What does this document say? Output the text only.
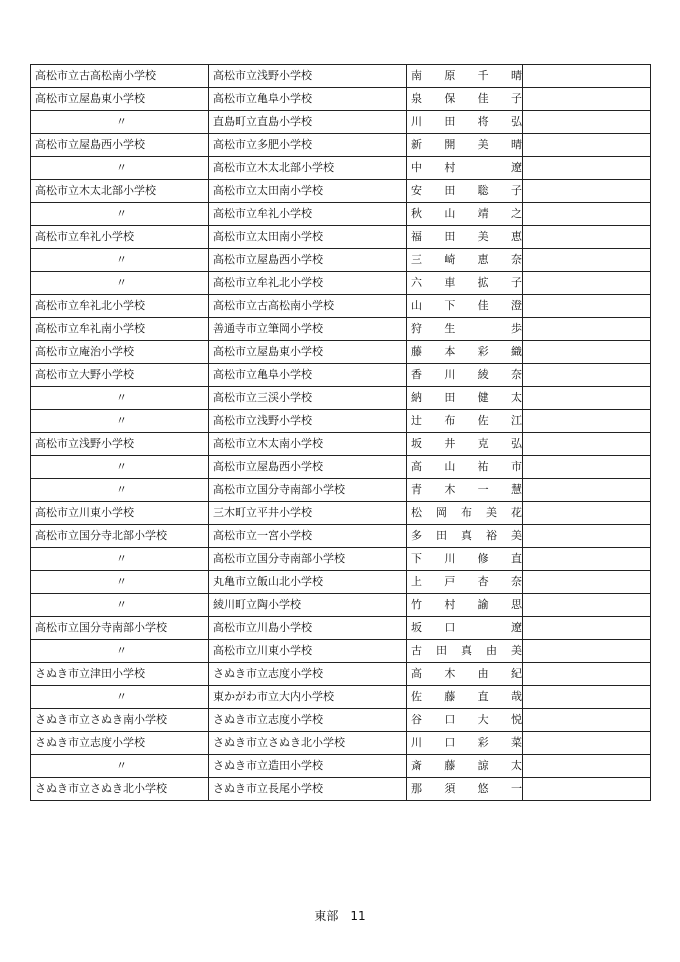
高松市立古高松南小学校	高松市立浅野小学校	南 原 千 晴	

高松市立屋島東小学校	高松市立亀阜小学校	泉 保 佳 子	

〃	直島町立直島小学校	川 田 将 弘	

高松市立屋島西小学校	高松市立多肥小学校	新 開 美 晴	

〃	高松市立木太北部小学校	中 村 遼	

高松市立木太北部小学校	高松市立太田南小学校	安 田 聡 子	

〃	高松市立牟礼小学校	秋 山 靖 之	

高松市立牟礼小学校	高松市立太田南小学校	福 田 美 恵	

〃	高松市立屋島西小学校	三 崎 恵 奈	

〃	高松市立牟礼北小学校	六 車 拡 子	

高松市立牟礼北小学校	高松市立古高松南小学校	山 下 佳 澄	

高松市立牟礼南小学校	善通寺市立筆岡小学校	狩 生 歩	

高松市立庵治小学校	高松市立屋島東小学校	藤 本 彩 織	

高松市立大野小学校	高松市立亀阜小学校	香 川 綾 奈	

〃	高松市立三渓小学校	納 田 健 太	

〃	高松市立浅野小学校	辻 布 佐 江	

高松市立浅野小学校	高松市立木太南小学校	坂 井 克 弘	

〃	高松市立屋島西小学校	高 山 祐 市	

〃	高松市立国分寺南部小学校	青 木 一 慧	

高松市立川東小学校	三木町立平井小学校	松 岡 布 美 花	

高松市立国分寺北部小学校	高松市立一宮小学校	多 田 真 裕 美	

〃	高松市立国分寺南部小学校	下 川 修 直	

〃	丸亀市立飯山北小学校	上 戸 杏 奈	

〃	綾川町立陶小学校	竹 村 諭 思	

高松市立国分寺南部小学校	高松市立川島小学校	坂 口 遼	

〃	高松市立川東小学校	古 田 真 由 美	

さぬき市立津田小学校	さぬき市立志度小学校	高 木 由 紀	

〃	東かがわ市立大内小学校	佐 藤 直 哉	

さぬき市立さぬき南小学校	さぬき市立志度小学校	谷 口 大 悦	

さぬき市立志度小学校	さぬき市立さぬき北小学校	川 口 彩 菜	

〃	さぬき市立造田小学校	斎 藤 諒 太	

さぬき市立さぬき北小学校	さぬき市立長尾小学校	那 須 悠 一	

東部　11
